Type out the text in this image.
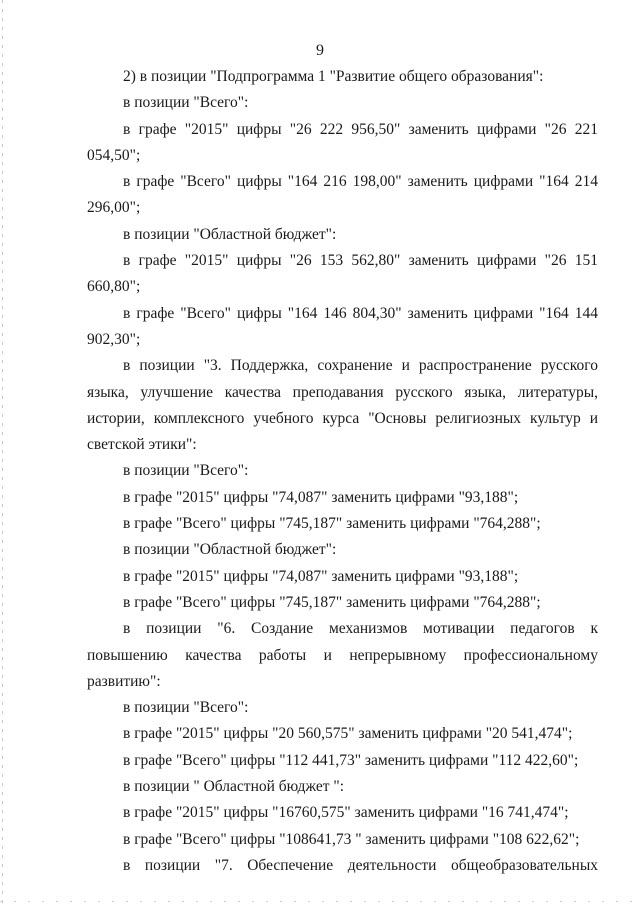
9

2) в позиции "Подпрограмма 1 "Развитие общего образования":

в позиции "Всего":

в графе "2015" цифры "26 222 956,50" заменить цифрами "26 221 054,50";

в графе "Всего" цифры "164 216 198,00" заменить цифрами "164 214 296,00";

в позиции "Областной бюджет":

в графе "2015" цифры "26 153 562,80" заменить цифрами "26 151 660,80";

в графе "Всего" цифры "164 146 804,30" заменить цифрами "164 144 902,30";

в позиции "3. Поддержка, сохранение и распространение русского языка, улучшение качества преподавания русского языка, литературы, истории, комплексного учебного курса "Основы религиозных культур и светской этики":

в позиции "Всего":

в графе "2015" цифры "74,087" заменить цифрами "93,188";

в графе "Всего" цифры "745,187" заменить цифрами "764,288";

в позиции "Областной бюджет":

в графе "2015" цифры "74,087" заменить цифрами "93,188";

в графе "Всего" цифры "745,187" заменить цифрами "764,288";

в позиции "6. Создание механизмов мотивации педагогов к повышению качества работы и непрерывному профессиональному развитию":

в позиции "Всего":

в графе "2015" цифры "20 560,575" заменить цифрами "20 541,474";

в графе "Всего" цифры "112 441,73" заменить цифрами "112 422,60";

в позиции " Областной бюджет ":

в графе "2015" цифры "16760,575" заменить цифрами "16 741,474";

в графе "Всего" цифры "108641,73 " заменить цифрами "108 622,62";

в позиции "7. Обеспечение деятельности общеобразовательных
